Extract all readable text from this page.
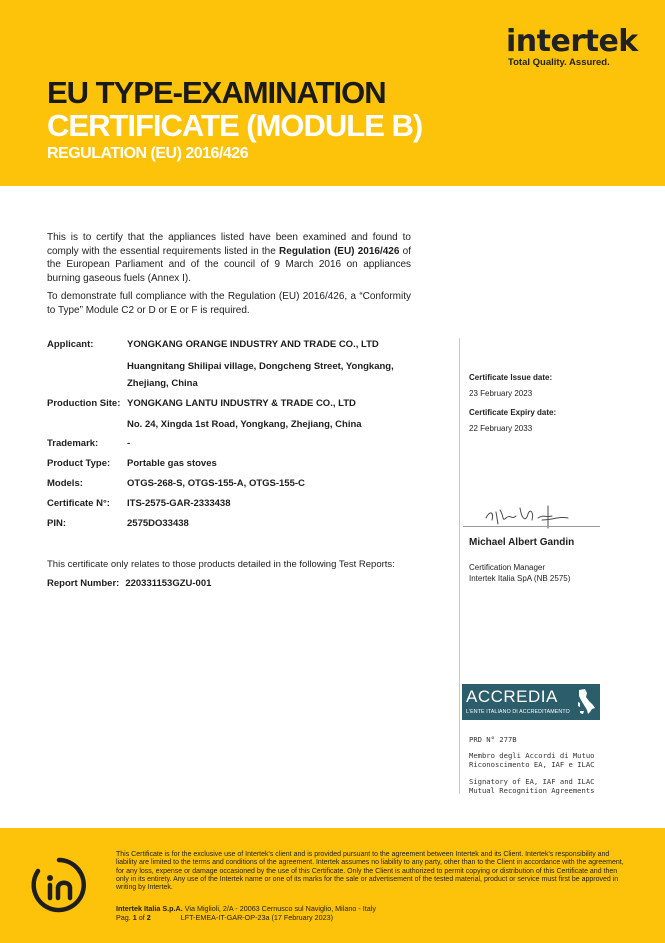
intertek
Total Quality. Assured.
EU TYPE-EXAMINATION
CERTIFICATE (MODULE B)
REGULATION (EU) 2016/426

This is to certify that the appliances listed have been examined and found to comply with the essential requirements listed in the Regulation (EU) 2016/426 of the European Parliament and of the council of 9 March 2016 on appliances burning gaseous fuels (Annex I).

To demonstrate full compliance with the Regulation (EU) 2016/426, a “Conformity to Type” Module C2 or D or E or F is required.

Applicant:	YONGKANG ORANGE INDUSTRY AND TRADE CO., LTD
Huangnitang Shilipai village, Dongcheng Street, Yongkang,
Zhejiang, China
Production Site: YONGKANG LANTU INDUSTRY & TRADE CO., LTD
No. 24, Xingda 1st Road, Yongkang, Zhejiang, China
Trademark:	-
Product Type: Portable gas stoves
Models:	OTGS-268-S, OTGS-155-A, OTGS-155-C
Certificate N°: ITS-2575-GAR-2333438
PIN:	2575DO33438
This certificate only relates to those products detailed in the following Test Reports:
Report Number: 220331153GZU-001
Certificate Issue date:
23 February 2023
Certificate Expiry date:
22 February 2033
Michael Albert Gandin
Certification Manager
Intertek Italia SpA (NB 2575)
ACCREDIA
L'ENTE ITALIANO DI ACCREDITAMENTO
PRD N° 277B
Membro degli Accordi di Mutuo
Riconoscimento EA, IAF e ILAC
Signatory of EA, IAF and ILAC
Mutual Recognition Agreements
This Certificate is for the exclusive use of Intertek's client and is provided pursuant to the agreement between Intertek and its Client. Intertek's responsibility and liability are limited to the terms and conditions of the agreement. Intertek assumes no liability to any party, other than to the Client in accordance with the agreement, for any loss, expense or damage occasioned by the use of this Certificate. Only the Client is authorized to permit copying or distribution of this Certificate and then only in its entirety. Any use of the Intertek name or one of its marks for the sale or advertisement of the tested material, product or service must first be approved in writing by Intertek.
Intertek Italia S.p.A. Via Miglioli, 2/A - 20063 Cernusco sul Naviglio, Milano - Italy
Pag. 1 of 2	LFT-EMEA-IT-GAR-OP-23a (17 February 2023)
